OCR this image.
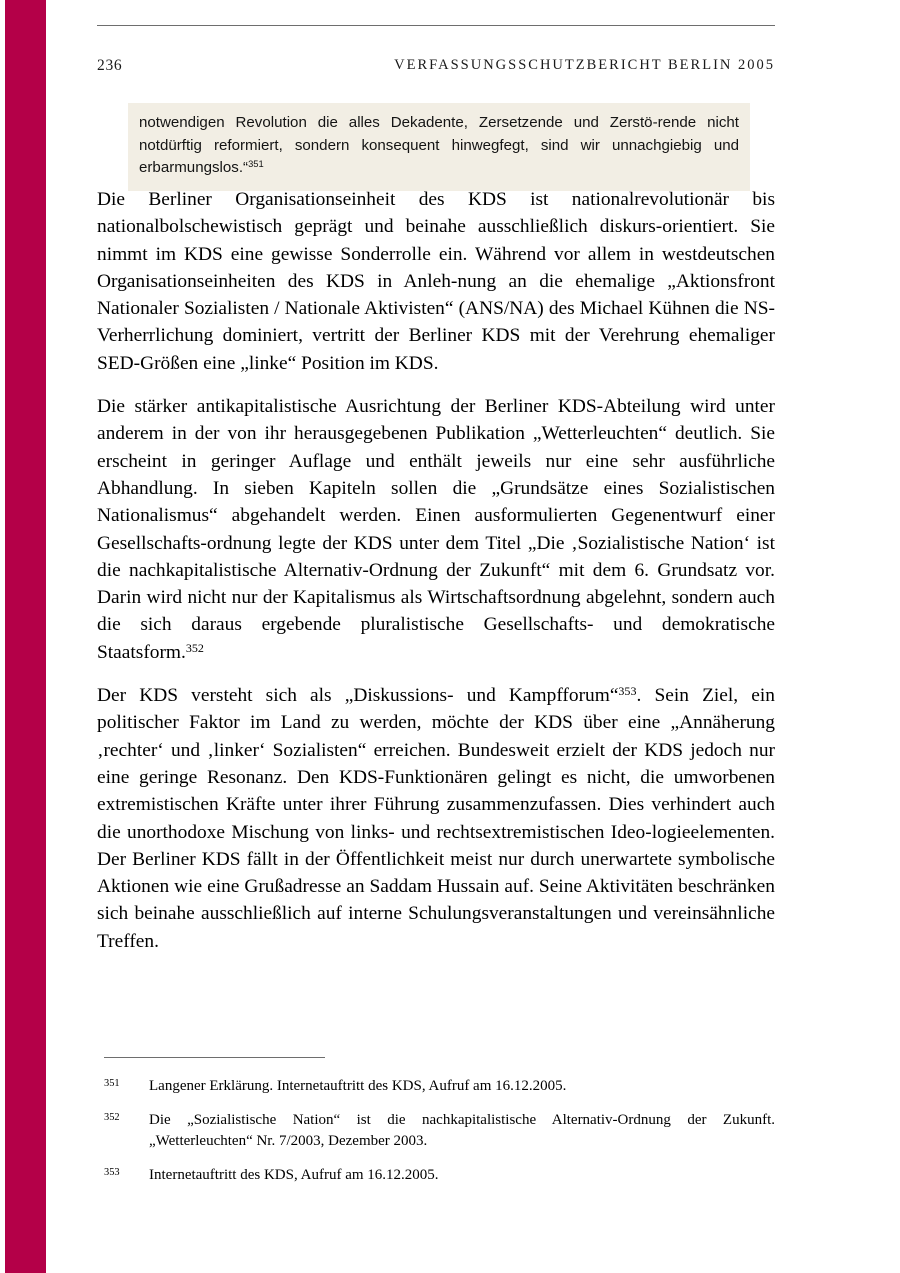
236	VERFASSUNGSSCHUTZBERICHT BERLIN 2005

notwendigen Revolution die alles Dekadente, Zersetzende und Zerstö-rende nicht notdürftig reformiert, sondern konsequent hinwegfegt, sind wir unnachgiebig und erbarmungslos.“$^{351}$

Die Berliner Organisationseinheit des KDS ist nationalrevolutionär bis nationalbolschewistisch geprägt und beinahe ausschließlich diskurs-orientiert. Sie nimmt im KDS eine gewisse Sonderrolle ein. Während vor allem in westdeutschen Organisationseinheiten des KDS in Anleh-nung an die ehemalige „Aktionsfront Nationaler Sozialisten / Nationale Aktivisten“ (ANS/NA) des Michael Kühnen die NS-Verherrlichung dominiert, vertritt der Berliner KDS mit der Verehrung ehemaliger SED-Größen eine „linke“ Position im KDS.

Die stärker antikapitalistische Ausrichtung der Berliner KDS-Abteilung wird unter anderem in der von ihr herausgegebenen Publikation „Wetterleuchten“ deutlich. Sie erscheint in geringer Auflage und enthält jeweils nur eine sehr ausführliche Abhandlung. In sieben Kapiteln sollen die „Grundsätze eines Sozialistischen Nationalismus“ abgehandelt werden. Einen ausformulierten Gegenentwurf einer Gesellschafts-ordnung legte der KDS unter dem Titel „Die ‚Sozialistische Nation‘ ist die nachkapitalistische Alternativ-Ordnung der Zukunft“ mit dem 6. Grundsatz vor. Darin wird nicht nur der Kapitalismus als Wirtschaftsordnung abgelehnt, sondern auch die sich daraus ergebende pluralistische Gesellschafts- und demokratische Staatsform.$^{352}$

Der KDS versteht sich als „Diskussions- und Kampfforum“$^{353}$. Sein Ziel, ein politischer Faktor im Land zu werden, möchte der KDS über eine „Annäherung ‚rechter‘ und ‚linker‘ Sozialisten“ erreichen. Bundesweit erzielt der KDS jedoch nur eine geringe Resonanz. Den KDS-Funktionären gelingt es nicht, die umworbenen extremistischen Kräfte unter ihrer Führung zusammenzufassen. Dies verhindert auch die unorthodoxe Mischung von links- und rechtsextremistischen Ideo-logieelementen. Der Berliner KDS fällt in der Öffentlichkeit meist nur durch unerwartete symbolische Aktionen wie eine Grußadresse an Saddam Hussain auf. Seine Aktivitäten beschränken sich beinahe ausschließlich auf interne Schulungsveranstaltungen und vereinsähnliche Treffen.

351 Langener Erklärung. Internetauftritt des KDS, Aufruf am 16.12.2005.
352 Die „Sozialistische Nation“ ist die nachkapitalistische Alternativ-Ordnung der Zukunft. „Wetterleuchten“ Nr. 7/2003, Dezember 2003.
353 Internetauftritt des KDS, Aufruf am 16.12.2005.
